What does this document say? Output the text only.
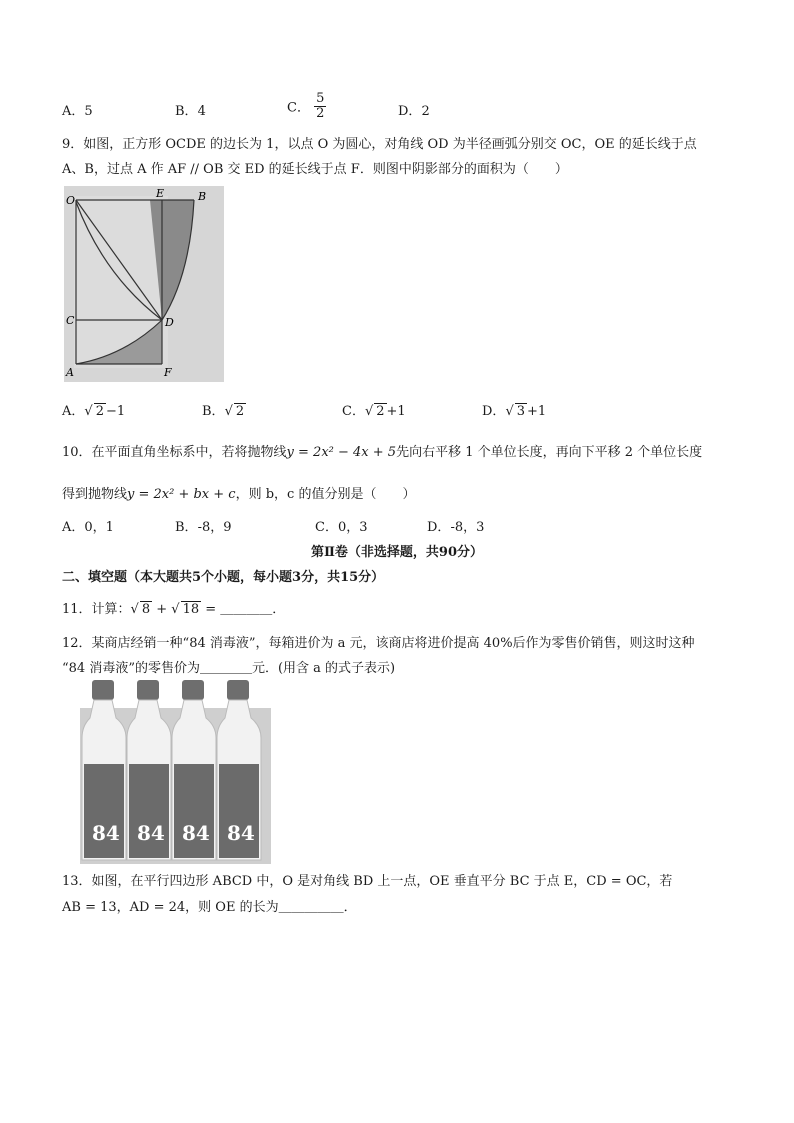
A．5	B．4	C． $\frac{5}{2}$	D．2
9．如图，正方形 OCDE 的边长为 1，以点 O 为圆心，对角线 OD 为半径画弧分别交 OC，OE 的延长线于点
A、B，过点 A 作 AF // OB 交 ED 的延长线于点 F．则图中阴影部分的面积为（　　）
O
E	B
C	D
A	F
A．√ 2 −1	B．√ 2	C．√ 2 +1	D．√ 3 +1
10．在平面直角坐标系中，若将抛物线y = 2x² − 4x + 5先向右平移 1 个单位长度，再向下平移 2 个单位长度
得到抛物线y = 2x² + bx + c，则 b，c 的值分别是（　　）
A．0，1	B．-8，9	C．0，3	D．-8，3
第Ⅱ卷（非选择题，共90分）
二、填空题（本大题共5个小题，每小题3分，共15分）
11．计算：√ 8 + √ 18 = ＿＿＿＿．
12．某商店经销一种“84 消毒液”，每箱进价为 a 元，该商店将进价提高 40%后作为零售价销售，则这时这种
“84 消毒液”的零售价为＿＿＿＿元．(用含 a 的式子表示)
84 84 84 84
13．如图，在平行四边形 ABCD 中，O 是对角线 BD 上一点，OE 垂直平分 BC 于点 E，CD = OC，若
AB = 13，AD = 24，则 OE 的长为＿＿＿＿＿．
